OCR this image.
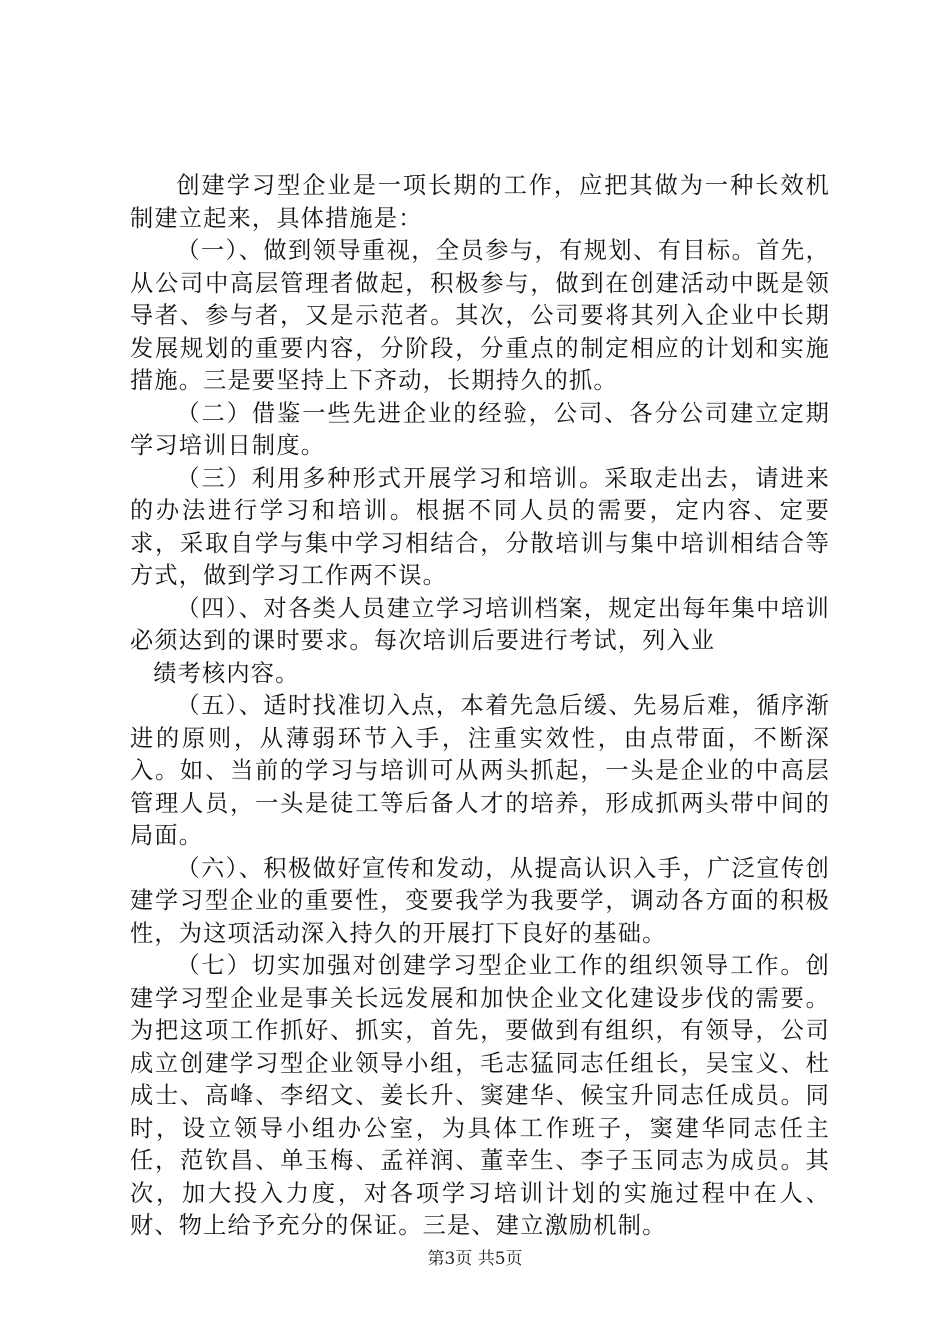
创建学习型企业是一项长期的工作，应把其做为一种长效机制建立起来，具体措施是：

（一）、做到领导重视，全员参与，有规划、有目标。首先，从公司中高层管理者做起，积极参与，做到在创建活动中既是领导者、参与者，又是示范者。其次，公司要将其列入企业中长期发展规划的重要内容，分阶段，分重点的制定相应的计划和实施措施。三是要坚持上下齐动，长期持久的抓。

（二）借鉴一些先进企业的经验，公司、各分公司建立定期学习培训日制度。

（三）利用多种形式开展学习和培训。采取走出去，请进来的办法进行学习和培训。根据不同人员的需要，定内容、定要求，采取自学与集中学习相结合，分散培训与集中培训相结合等方式，做到学习工作两不误。

（四）、对各类人员建立学习培训档案，规定出每年集中培训必须达到的课时要求。每次培训后要进行考试，列入业

绩考核内容。

（五）、适时找准切入点，本着先急后缓、先易后难，循序渐进的原则，从薄弱环节入手，注重实效性，由点带面，不断深入。如、当前的学习与培训可从两头抓起，一头是企业的中高层管理人员，一头是徒工等后备人才的培养，形成抓两头带中间的局面。

（六）、积极做好宣传和发动，从提高认识入手，广泛宣传创建学习型企业的重要性，变要我学为我要学，调动各方面的积极性，为这项活动深入持久的开展打下良好的基础。

（七）切实加强对创建学习型企业工作的组织领导工作。创建学习型企业是事关长远发展和加快企业文化建设步伐的需要。为把这项工作抓好、抓实，首先，要做到有组织，有领导，公司成立创建学习型企业领导小组，毛志猛同志任组长，吴宝义、杜成士、高峰、李绍文、姜长升、窦建华、候宝升同志任成员。同时，设立领导小组办公室，为具体工作班子，窦建华同志任主任，范钦昌、单玉梅、孟祥润、董幸生、李子玉同志为成员。其次，加大投入力度，对各项学习培训计划的实施过程中在人、财、物上给予充分的保证。三是、建立激励机制。

第3页 共5页
